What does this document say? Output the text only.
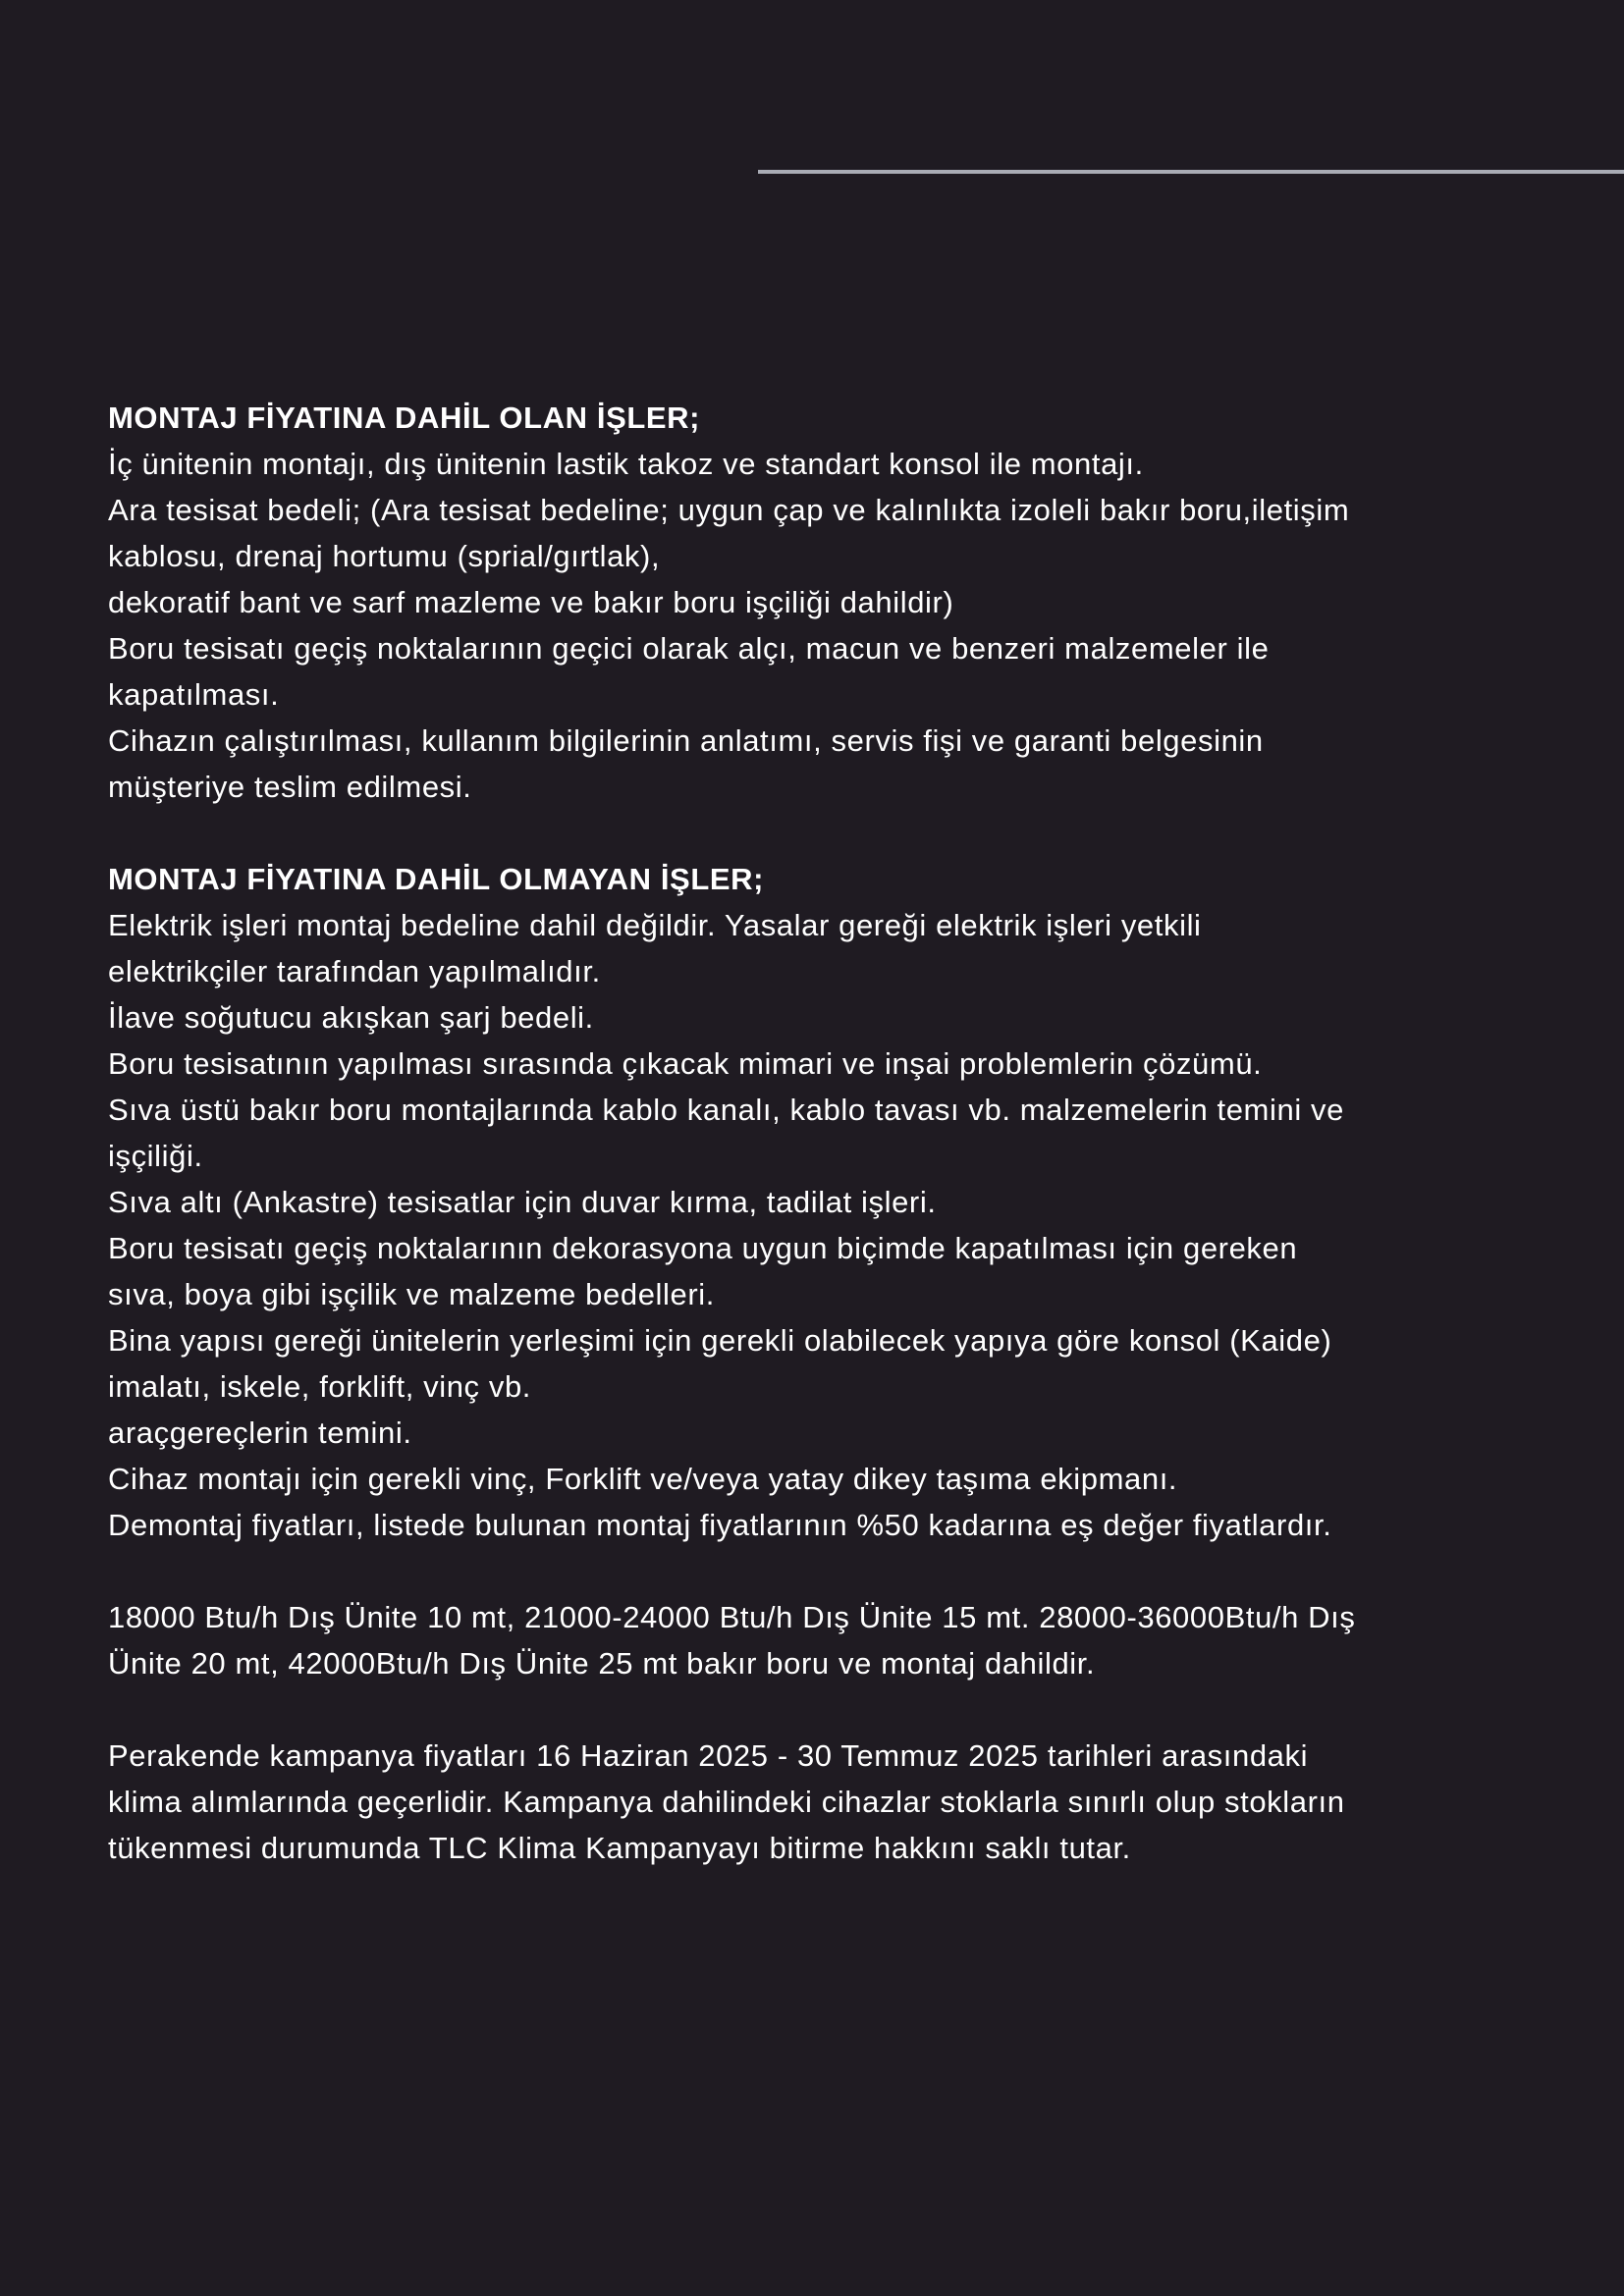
MONTAJ FİYATINA DAHİL OLAN İŞLER;

İç ünitenin montajı, dış ünitenin lastik takoz ve standart konsol ile montajı.

Ara tesisat bedeli; (Ara tesisat bedeline; uygun çap ve kalınlıkta izoleli bakır boru,iletişim

kablosu, drenaj hortumu (sprial/gırtlak),

dekoratif bant ve sarf mazleme ve bakır boru işçiliği dahildir)

Boru tesisatı geçiş noktalarının geçici olarak alçı, macun ve benzeri malzemeler ile

kapatılması.

Cihazın çalıştırılması, kullanım bilgilerinin anlatımı, servis fişi ve garanti belgesinin

müşteriye teslim edilmesi.

MONTAJ FİYATINA DAHİL OLMAYAN İŞLER;

Elektrik işleri montaj bedeline dahil değildir. Yasalar gereği elektrik işleri yetkili

elektrikçiler tarafından yapılmalıdır.

İlave soğutucu akışkan şarj bedeli.

Boru tesisatının yapılması sırasında çıkacak mimari ve inşai problemlerin çözümü.

Sıva üstü bakır boru montajlarında kablo kanalı, kablo tavası vb. malzemelerin temini ve

işçiliği.

Sıva altı (Ankastre) tesisatlar için duvar kırma, tadilat işleri.

Boru tesisatı geçiş noktalarının dekorasyona uygun biçimde kapatılması için gereken

sıva, boya gibi işçilik ve malzeme bedelleri.

Bina yapısı gereği ünitelerin yerleşimi için gerekli olabilecek yapıya göre konsol (Kaide)

imalatı, iskele, forklift, vinç vb.

araçgereçlerin temini.

Cihaz montajı için gerekli vinç, Forklift ve/veya yatay dikey taşıma ekipmanı.

Demontaj fiyatları, listede bulunan montaj fiyatlarının %50 kadarına eş değer fiyatlardır.

18000 Btu/h Dış Ünite 10 mt, 21000-24000 Btu/h Dış Ünite 15 mt. 28000-36000Btu/h Dış

Ünite 20 mt, 42000Btu/h Dış Ünite 25 mt bakır boru ve montaj dahildir.

Perakende kampanya fiyatları 16 Haziran 2025 - 30 Temmuz 2025 tarihleri arasındaki

klima alımlarında geçerlidir. Kampanya dahilindeki cihazlar stoklarla sınırlı olup stokların

tükenmesi durumunda TLC Klima Kampanyayı bitirme hakkını saklı tutar.
